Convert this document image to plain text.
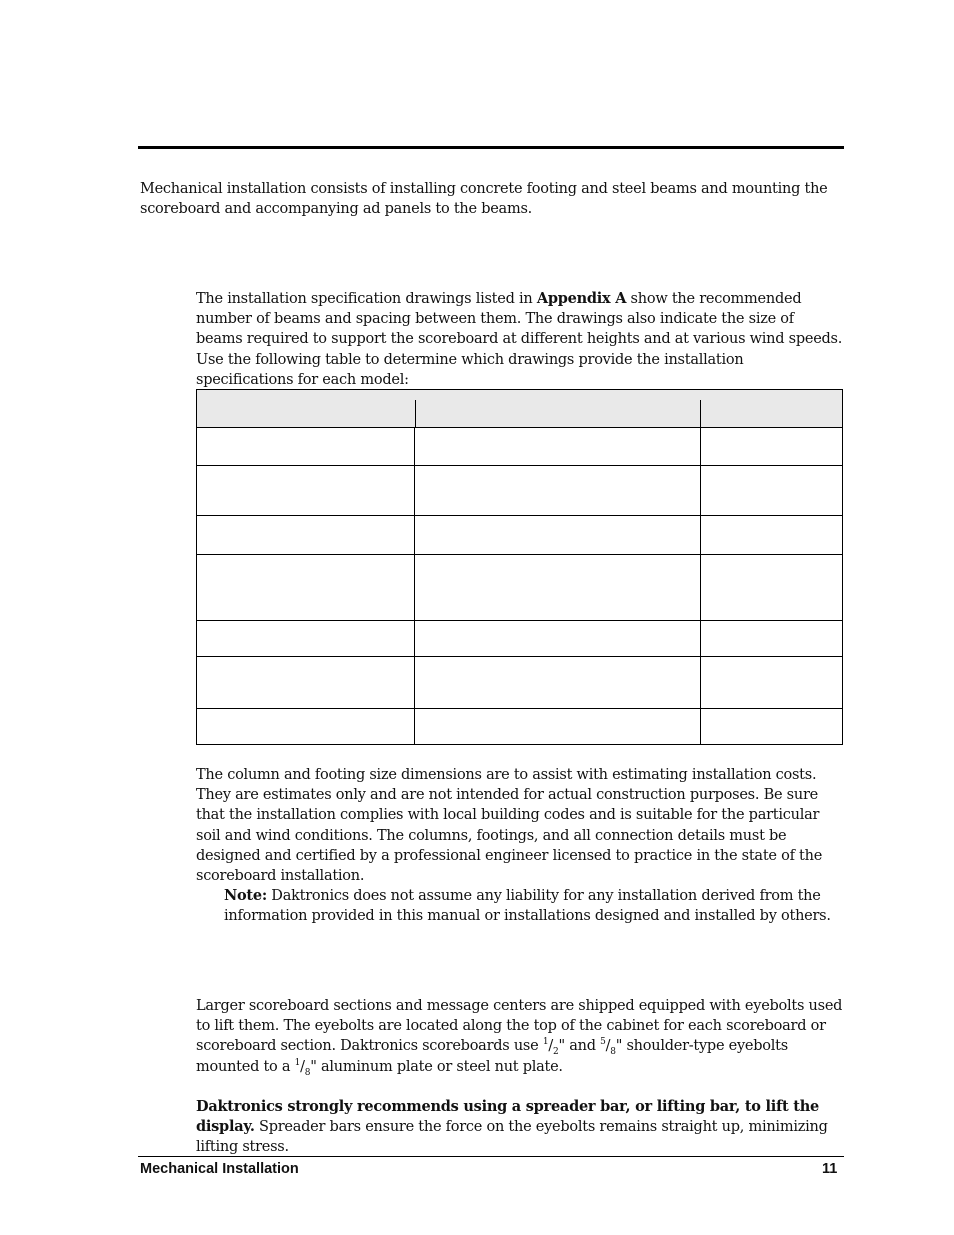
Mechanical installation consists of installing concrete footing and steel beams and mounting the scoreboard and accompanying ad panels to the beams.

The installation specification drawings listed in Appendix A show the recommended number of beams and spacing between them. The drawings also indicate the size of beams required to support the scoreboard at different heights and at various wind speeds. Use the following table to determine which drawings provide the installation specifications for each model:

The column and footing size dimensions are to assist with estimating installation costs. They are estimates only and are not intended for actual construction purposes. Be sure that the installation complies with local building codes and is suitable for the particular soil and wind conditions. The columns, footings, and all connection details must be designed and certified by a professional engineer licensed to practice in the state of the scoreboard installation.

Note: Daktronics does not assume any liability for any installation derived from the information provided in this manual or installations designed and installed by others.

Larger scoreboard sections and message centers are shipped equipped with eyebolts used to lift them. The eyebolts are located along the top of the cabinet for each scoreboard or scoreboard section. Daktronics scoreboards use $^1/_2$" and $^5/_8$" shoulder-type eyebolts mounted to a $^1/_8$" aluminum plate or steel nut plate.

Daktronics strongly recommends using a spreader bar, or lifting bar, to lift the display. Spreader bars ensure the force on the eyebolts remains straight up, minimizing lifting stress.

Mechanical Installation	11
